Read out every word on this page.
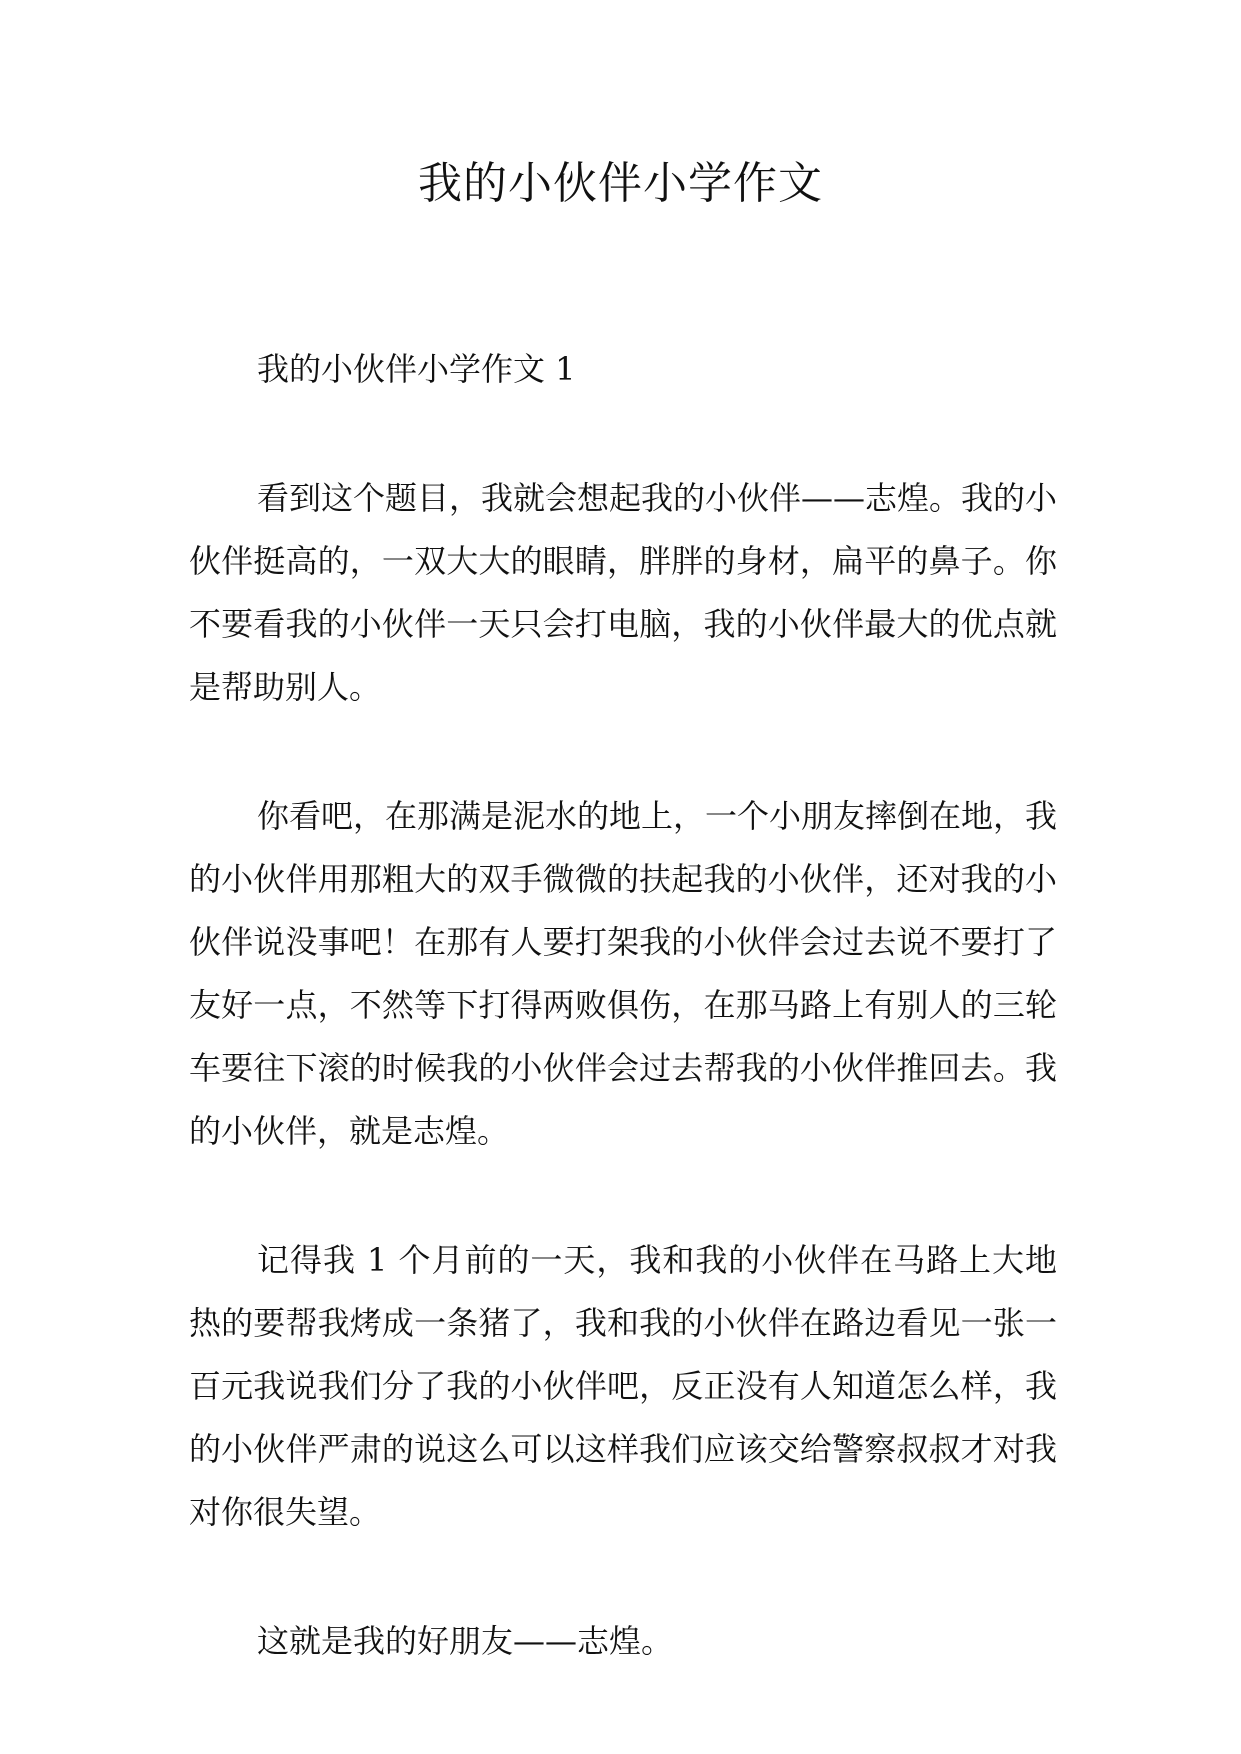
我的小伙伴小学作文

我的小伙伴小学作文 1

看到这个题目，我就会想起我的小伙伴——志煌。我的小伙伴挺高的，一双大大的眼睛，胖胖的身材，扁平的鼻子。你不要看我的小伙伴一天只会打电脑，我的小伙伴最大的优点就是帮助别人。

你看吧，在那满是泥水的地上，一个小朋友摔倒在地，我的小伙伴用那粗大的双手微微的扶起我的小伙伴，还对我的小伙伴说没事吧！在那有人要打架我的小伙伴会过去说不要打了友好一点，不然等下打得两败俱伤，在那马路上有别人的三轮车要往下滚的时候我的小伙伴会过去帮我的小伙伴推回去。我的小伙伴，就是志煌。

记得我 1 个月前的一天，我和我的小伙伴在马路上大地热的要帮我烤成一条猪了，我和我的小伙伴在路边看见一张一百元我说我们分了我的小伙伴吧，反正没有人知道怎么样，我的小伙伴严肃的说这么可以这样我们应该交给警察叔叔才对我对你很失望。

这就是我的好朋友——志煌。
